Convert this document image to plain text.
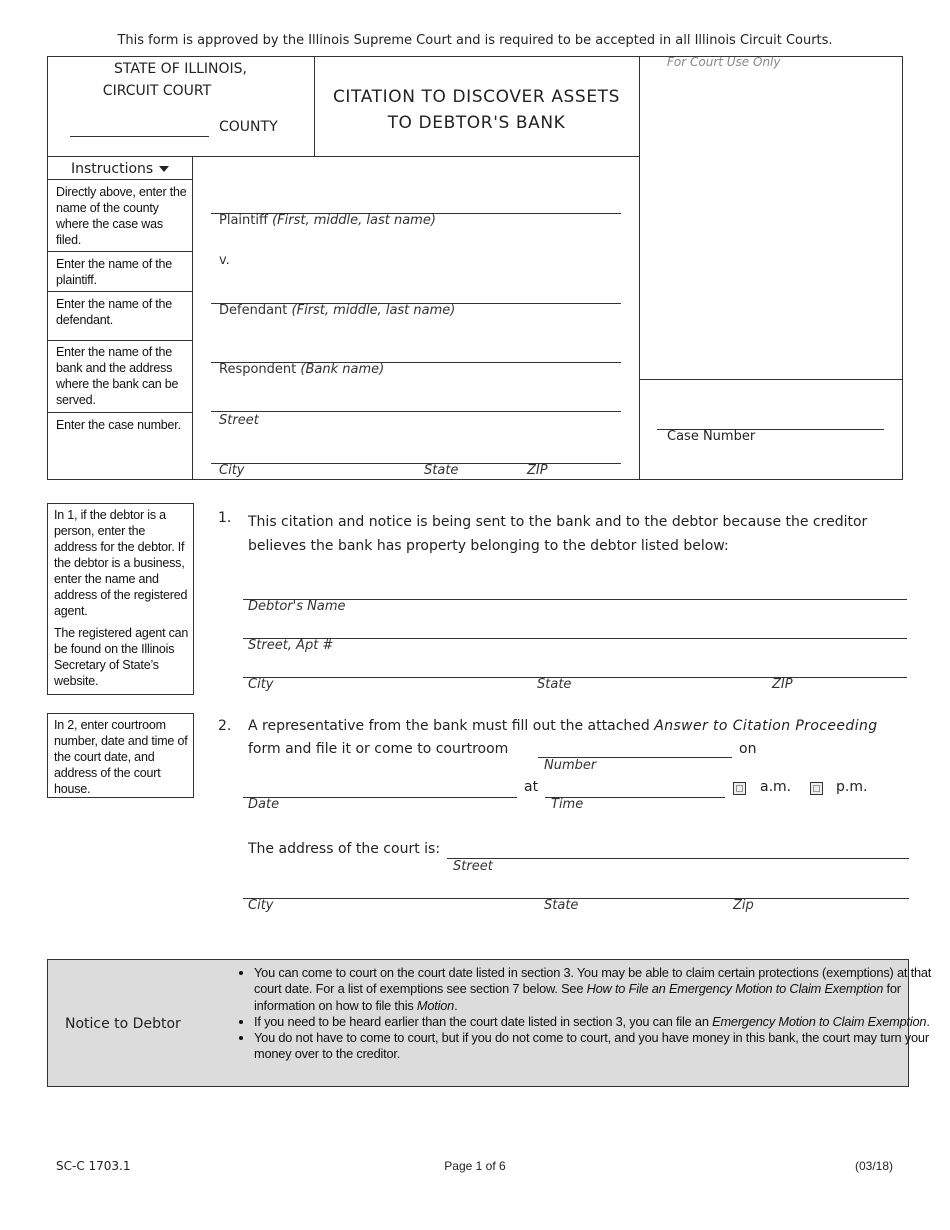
This form is approved by the Illinois Supreme Court and is required to be accepted in all Illinois Circuit Courts.
STATE OF ILLINOIS,
CIRCUIT COURT
COUNTY
CITATION TO DISCOVER ASSETS
TO DEBTOR'S BANK
For Court Use Only
Case Number
Instructions
Directly above, enter the name of the county where the case was filed.
Enter the name of the plaintiff.
Enter the name of the defendant.
Enter the name of the bank and the address where the bank can be served.
Enter the case number.
Plaintiff (First, middle, last name)
v.
Defendant (First, middle, last name)
Respondent (Bank name)
Street
City	State	ZIP
In 1, if the debtor is a person, enter the address for the debtor. If the debtor is a business, enter the name and address of the registered agent.
The registered agent can be found on the Illinois Secretary of State’s website.
1. This citation and notice is being sent to the bank and to the debtor because the creditor believes the bank has property belonging to the debtor listed below:
Debtor's Name
Street, Apt #
City	State	ZIP
In 2, enter courtroom number, date and time of the court date, and address of the court house.
2. A representative from the bank must fill out the attached Answer to Citation Proceeding
form and file it or come to courtroom	on
Number
Date
at
Time
a.m.	p.m.
The address of the court is:
Street
City	State	Zip
Notice to Debtor
• You can come to court on the court date listed in section 3. You may be able to claim certain protections (exemptions) at that court date. For a list of exemptions see section 7 below. See How to File an Emergency Motion to Claim Exemption for information on how to file this Motion.
• If you need to be heard earlier than the court date listed in section 3, you can file an Emergency Motion to Claim Exemption.
• You do not have to come to court, but if you do not come to court, and you have money in this bank, the court may turn your money over to the creditor.
SC-C 1703.1	Page 1 of 6	(03/18)
